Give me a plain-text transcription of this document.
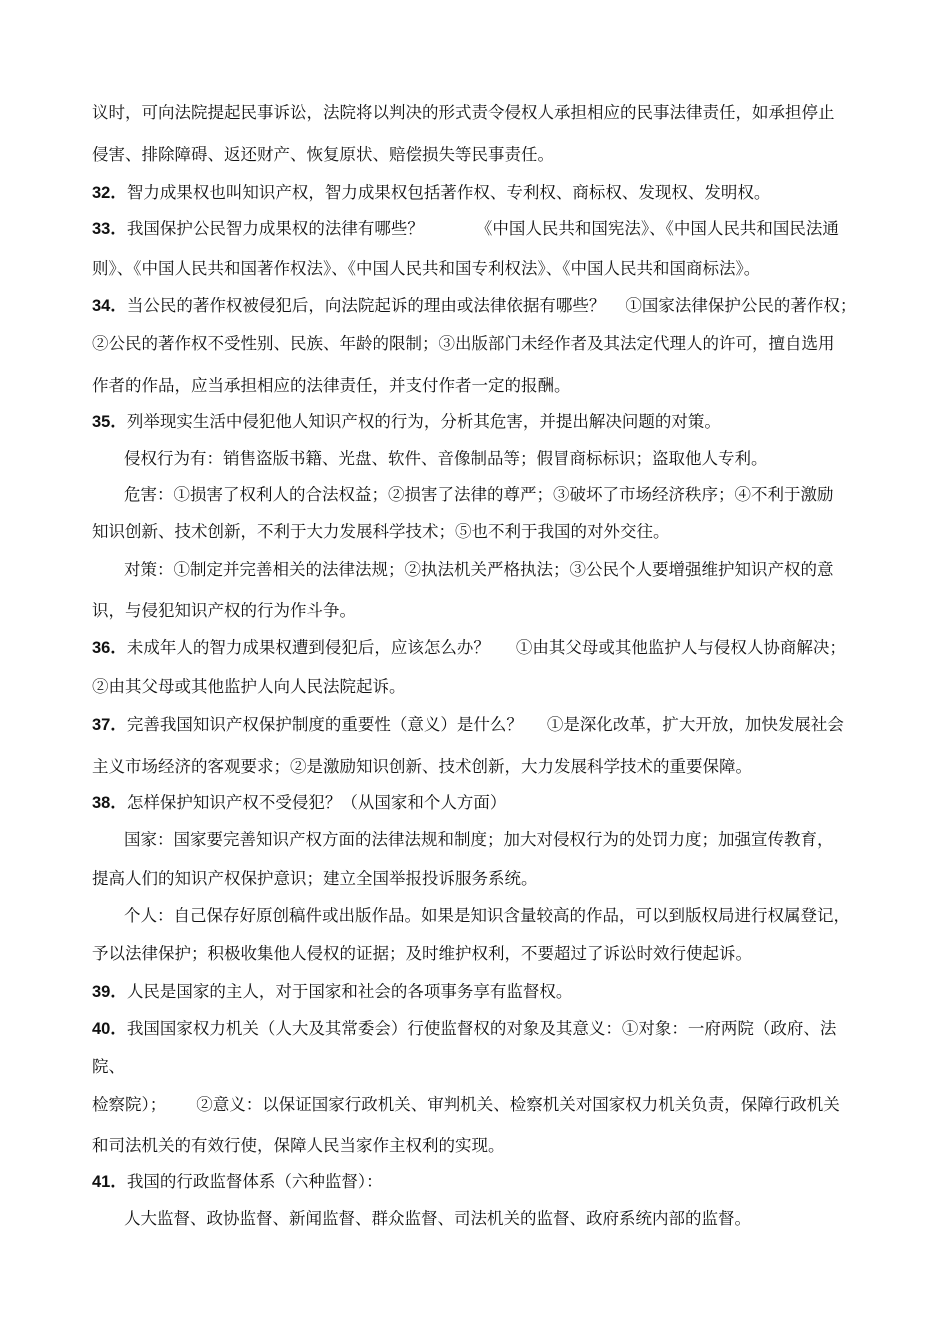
议时，可向法院提起民事诉讼，法院将以判决的形式责令侵权人承担相应的民事法律责任，如承担停止
侵害、排除障碍、返还财产、恢复原状、赔偿损失等民事责任。
32．智力成果权也叫知识产权，智力成果权包括著作权、专利权、商标权、发现权、发明权。
33．我国保护公民智力成果权的法律有哪些？	《中国人民共和国宪法》、《中国人民共和国民法通
则》、《中国人民共和国著作权法》、《中国人民共和国专利权法》、《中国人民共和国商标法》。
34．当公民的著作权被侵犯后，向法院起诉的理由或法律依据有哪些？ ①国家法律保护公民的著作权；
②公民的著作权不受性别、民族、年龄的限制；③出版部门未经作者及其法定代理人的许可，擅自选用
作者的作品，应当承担相应的法律责任，并支付作者一定的报酬。
35．列举现实生活中侵犯他人知识产权的行为，分析其危害，并提出解决问题的对策。
侵权行为有：销售盗版书籍、光盘、软件、音像制品等；假冒商标标识；盗取他人专利。
危害：①损害了权利人的合法权益；②损害了法律的尊严；③破坏了市场经济秩序；④不利于激励
知识创新、技术创新，不利于大力发展科学技术；⑤也不利于我国的对外交往。
对策：①制定并完善相关的法律法规；②执法机关严格执法；③公民个人要增强维护知识产权的意
识，与侵犯知识产权的行为作斗争。
36．未成年人的智力成果权遭到侵犯后，应该怎么办？ ①由其父母或其他监护人与侵权人协商解决；
②由其父母或其他监护人向人民法院起诉。
37．完善我国知识产权保护制度的重要性（意义）是什么？ ①是深化改革，扩大开放，加快发展社会
主义市场经济的客观要求；②是激励知识创新、技术创新，大力发展科学技术的重要保障。
38．怎样保护知识产权不受侵犯？（从国家和个人方面）
国家：国家要完善知识产权方面的法律法规和制度；加大对侵权行为的处罚力度；加强宣传教育，
提高人们的知识产权保护意识；建立全国举报投诉服务系统。
个人：自己保存好原创稿件或出版作品。如果是知识含量较高的作品，可以到版权局进行权属登记，
予以法律保护；积极收集他人侵权的证据；及时维护权利，不要超过了诉讼时效行使起诉。
39．人民是国家的主人，对于国家和社会的各项事务享有监督权。
40．我国国家权力机关（人大及其常委会）行使监督权的对象及其意义：①对象：一府两院（政府、法
院、
检察院）； ②意义：以保证国家行政机关、审判机关、检察机关对国家权力机关负责，保障行政机关
和司法机关的有效行使，保障人民当家作主权利的实现。
41．我国的行政监督体系（六种监督）：
人大监督、政协监督、新闻监督、群众监督、司法机关的监督、政府系统内部的监督。
